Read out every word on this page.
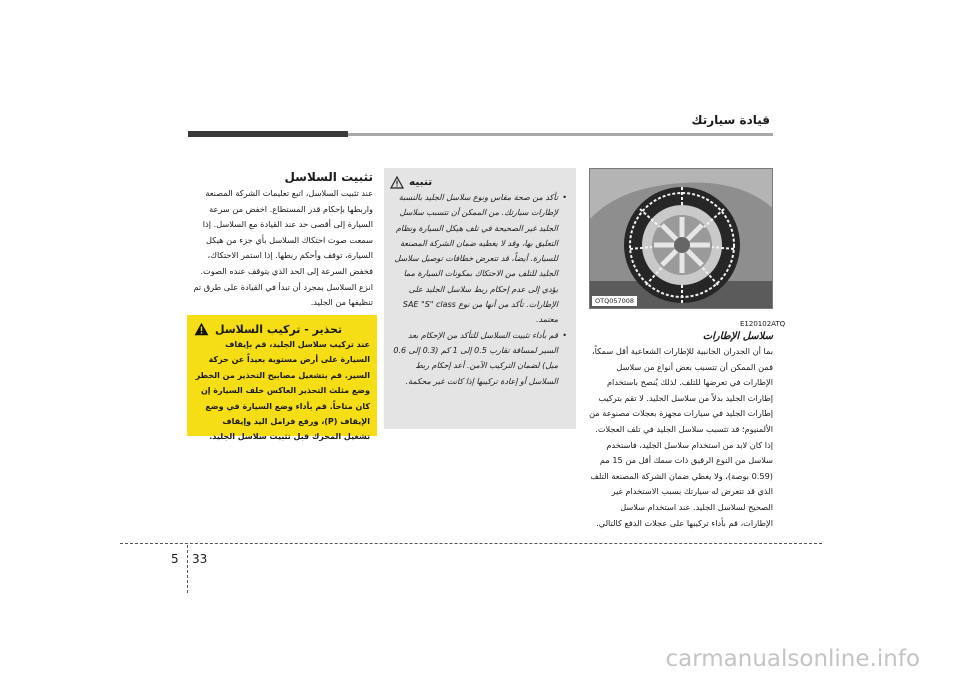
قيادة سيارتك
OTQ057008
E120102ATQ
سلاسل الإطارات
بما أن الجدران الجانبية للإطارات الشعاعية أقل سمكاً، فمن الممكن أن تتسبب بعض أنواع من سلاسل الإطارات في تعرضها للتلف. لذلك يُنصح باستخدام إطارات الجليد بدلاً من سلاسل الجليد. لا تقم بتركيب إطارات الجليد في سيارات مجهزة بعجلات مصنوعة من الألمنيوم؛ قد تتسبب سلاسل الجليد في تلف العجلات. إذا كان لابد من استخدام سلاسل الجليد، فاستخدم سلاسل من النوع الرقيق ذات سمك أقل من 15 مم (0.59 بوصة)، ولا يغطي ضمان الشركة المصنعة التلف الذي قد تتعرض له سيارتك بسبب الاستخدام غير الصحيح لسلاسل الجليد. عند استخدام سلاسل الإطارات، قم بأداء تركيبها على عجلات الدفع كالتالي.
تنبيه
• تأكد من صحة مقاس ونوع سلاسل الجليد بالنسبة لإطارات سيارتك. من الممكن أن تتسبب سلاسل الجليد غير الصحيحة في تلف هيكل السيارة ونظام التعليق بها، وقد لا يغطيه ضمان الشركة المصنعة للسيارة. أيضاً، قد تتعرض خطافات توصيل سلاسل الجليد للتلف من الاحتكاك بمكونات السيارة مما يؤدي إلى عدم إحكام ربط سلاسل الجليد على الإطارات. تأكد من أنها من نوع SAE "S" class معتمد.
• قم بأداء تثبيت السلاسل للتأكد من الإحكام بعد السير لمسافة تقارب 0.5 إلى 1 كم (0.3 إلى 0.6 ميل) لضمان التركيب الآمن. أعد إحكام ربط السلاسل أو إعادة تركيبها إذا كانت غير محكمة.
تثبيت السلاسل
عند تثبيت السلاسل، اتبع تعليمات الشركة المصنعة واربطها بإحكام قدر المستطاع. اخفض من سرعة السيارة إلى أقصى حد عند القيادة مع السلاسل. إذا سمعت صوت احتكاك السلاسل بأي جزء من هيكل السيارة، توقف وأحكم ربطها. إذا استمر الاحتكاك، فخفض السرعة إلى الحد الذي يتوقف عنده الصوت. انزع السلاسل بمجرد أن تبدأ في القيادة على طرق تم تنظيفها من الجليد.
تحذير - تركيب السلاسل
عند تركيب سلاسل الجليد، قم بإيقاف السيارة على أرض مستوية بعيداً عن حركة السير. قم بتشغيل مصابيح التحذير من الخطر وضع مثلث التحذير العاكس خلف السيارة إن كان متاحاً. قم بأداء وضع السيارة في وضع الإيقاف (P)، ورفع فرامل اليد وإيقاف تشغيل المحرك قبل تثبيت سلاسل الجليد.
5 33
carmanualsonline.info
